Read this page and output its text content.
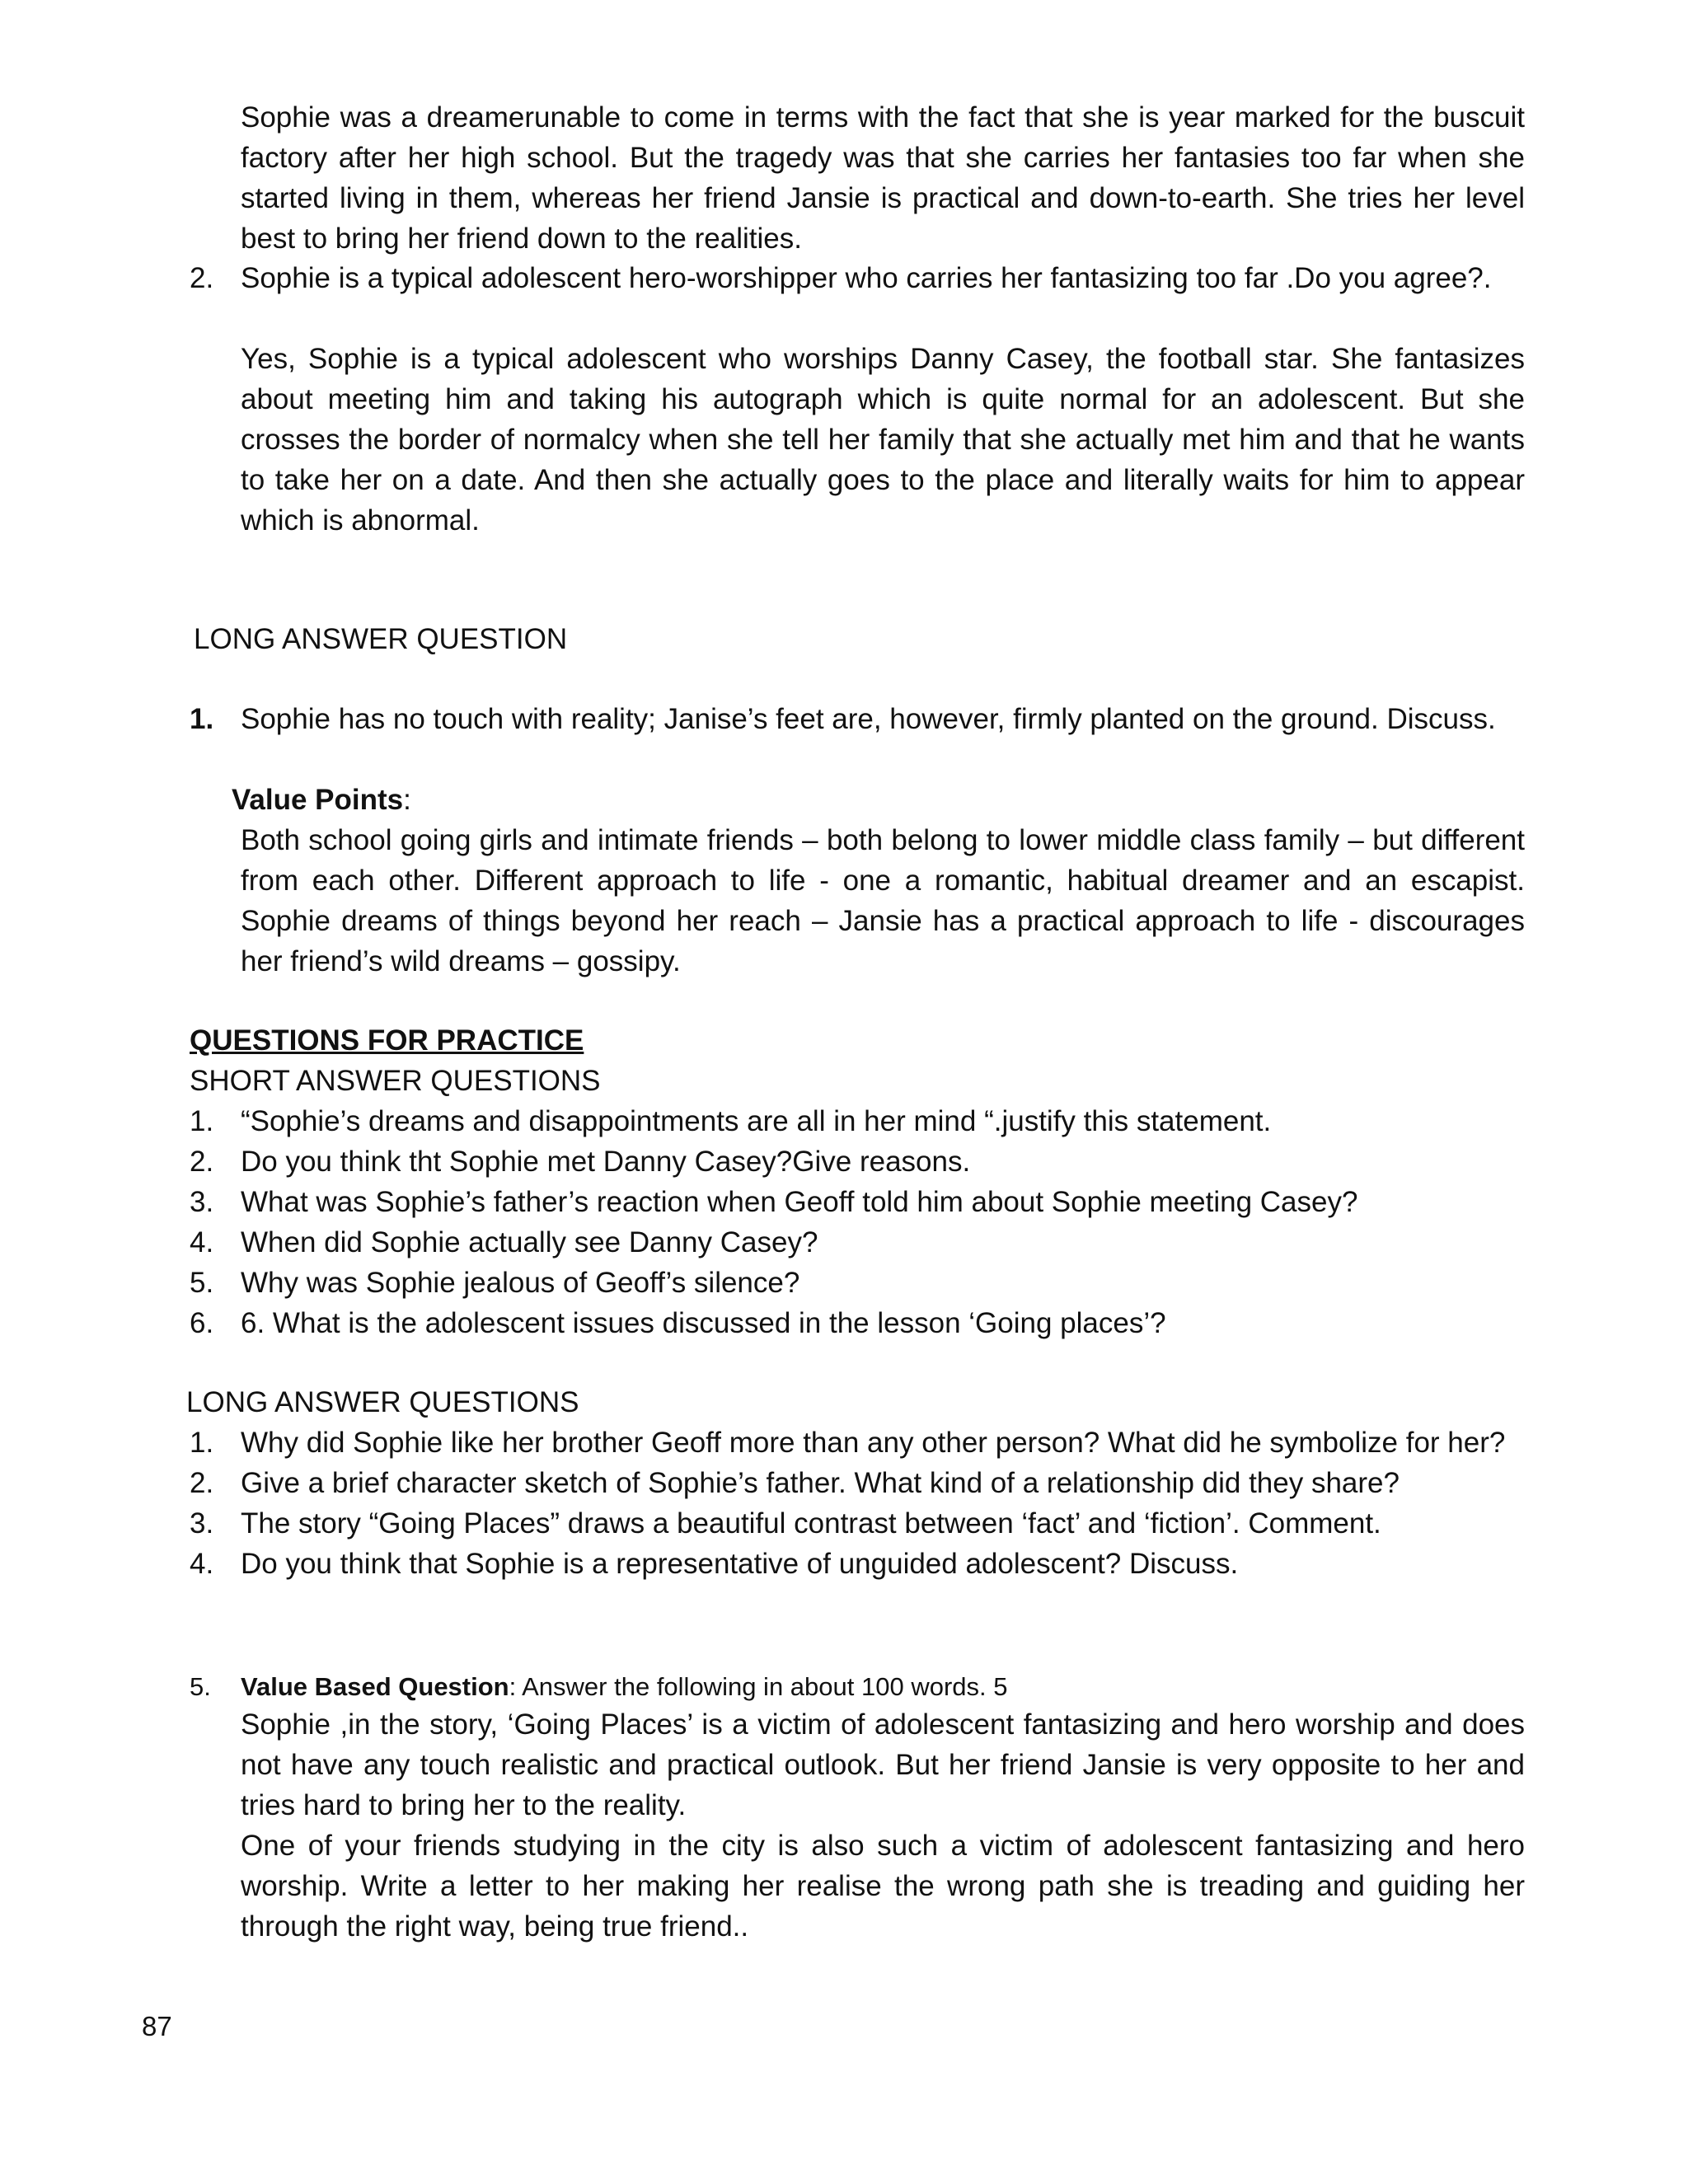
Sophie was a dreamerunable to come in terms with the fact that she is year marked for the buscuit factory after her high school. But the tragedy was that she carries her fantasies too far when she started living in them, whereas her friend Jansie is practical and down-to-earth. She tries her level best to bring her friend down to the realities.

2. Sophie is a typical adolescent hero-worshipper who carries her fantasizing too far .Do you agree?.

Yes, Sophie is a typical adolescent who worships Danny Casey, the football star. She fantasizes about meeting him and taking his autograph which is quite normal for an adolescent. But she crosses the border of normalcy when she tell her family that she actually met him and that he wants to take her on a date. And then she actually goes to the place and literally waits for him to appear which is abnormal.

LONG ANSWER QUESTION

1. Sophie has no touch with reality; Janise’s feet are, however, firmly planted on the ground. Discuss.

Value Points:

Both school going girls and intimate friends – both belong to lower middle class family – but different from each other. Different approach to life - one a romantic, habitual dreamer and an escapist. Sophie dreams of things beyond her reach – Jansie has a practical approach to life - discourages her friend’s wild dreams – gossipy.

QUESTIONS FOR PRACTICE

SHORT ANSWER QUESTIONS

1. “Sophie’s dreams and disappointments are all in her mind “.justify this statement.
2. Do you think tht Sophie met Danny Casey?Give reasons.
3. What was Sophie’s father’s reaction when Geoff told him about Sophie meeting Casey?
4. When did Sophie actually see Danny Casey?
5. Why was Sophie jealous of Geoff’s silence?
6. 6. What is the adolescent issues discussed in the lesson ‘Going places’?

LONG ANSWER QUESTIONS

1. Why did Sophie like her brother Geoff more than any other person? What did he symbolize for her?
2. Give a brief character sketch of Sophie’s father. What kind of a relationship did they share?
3. The story “Going Places” draws a beautiful contrast between ‘fact’ and ‘fiction’. Comment.
4. Do you think that Sophie is a representative of unguided adolescent? Discuss.
5. Value Based Question: Answer the following in about 100 words. 5

Sophie ,in the story, ‘Going Places’ is a victim of adolescent fantasizing and hero worship and does not have any touch realistic and practical outlook. But her friend Jansie is very opposite to her and tries hard to bring her to the reality.

One of your friends studying in the city is also such a victim of adolescent fantasizing and hero worship. Write a letter to her making her realise the wrong path she is treading and guiding her through the right way, being true friend..

87
